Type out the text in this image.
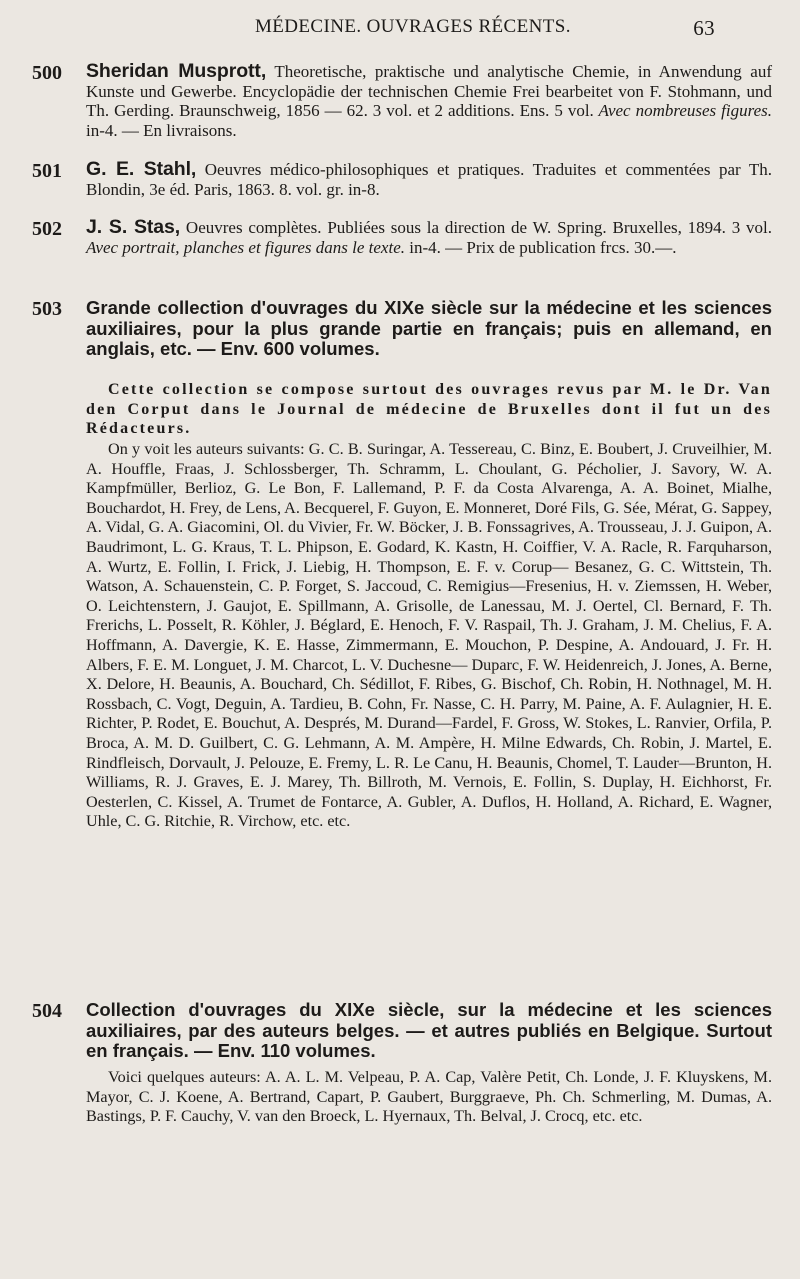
MÉDECINE. OUVRAGES RÉCENTS.	63
500 Sheridan Musprott, Theoretische, praktische und analytische Chemie, in Anwendung auf Kunste und Gewerbe. Encyclopädie der technischen Chemie Frei bearbeitet von F. Stohmann, und Th. Gerding. Braunschweig, 1856 — 62. 3 vol. et 2 additions. Ens. 5 vol. Avec nombreuses figures. in-4. — En livraisons.
501 G. E. Stahl, Oeuvres médico-philosophiques et pratiques. Traduites et commentées par Th. Blondin, 3e éd. Paris, 1863. 8. vol. gr. in-8.
502 J. S. Stas, Oeuvres complètes. Publiées sous la direction de W. Spring. Bruxelles, 1894. 3 vol. Avec portrait, planches et figures dans le texte. in-4. — Prix de publication frcs. 30.—.
503 Grande collection d'ouvrages du XIXe siècle sur la médecine et les sciences auxiliaires, pour la plus grande partie en français; puis en allemand, en anglais, etc. — Env. 600 volumes.
Cette collection se compose surtout des ouvrages revus par M. le Dr. Van den Corput dans le Journal de médecine de Bruxelles dont il fut un des Rédacteurs.
On y voit les auteurs suivants: G. C. B. Suringar, A. Tessereau, C. Binz, E. Boubert, J. Cruveilhier, M. A. Houffle, Fraas, J. Schlossberger, Th. Schramm, L. Choulant, G. Pécholier, J. Savory, W. A. Kampfmüller, Berlioz, G. Le Bon, F. Lallemand, P. F. da Costa Alvarenga, A. A. Boinet, Mialhe, Bouchardot, H. Frey, de Lens, A. Becquerel, F. Guyon, E. Monneret, Doré Fils, G. Sée, Mérat, G. Sappey, A. Vidal, G. A. Giacomini, Ol. du Vivier, Fr. W. Böcker, J. B. Fonssagrives, A. Trousseau, J. J. Guipon, A. Baudrimont, L. G. Kraus, T. L. Phipson, E. Godard, K. Kastn, H. Coiffier, V. A. Racle, R. Farquharson, A. Wurtz, E. Follin, I. Frick, J. Liebig, H. Thompson, E. F. v. Corup— Besanez, G. C. Wittstein, Th. Watson, A. Schauenstein, C. P. Forget, S. Jaccoud, C. Remigius—Fresenius, H. v. Ziemssen, H. Weber, O. Leichtenstern, J. Gaujot, E. Spillmann, A. Grisolle, de Lanessau, M. J. Oertel, Cl. Bernard, F. Th. Frerichs, L. Posselt, R. Köhler, J. Béglard, E. Henoch, F. V. Raspail, Th. J. Graham, J. M. Chelius, F. A. Hoffmann, A. Davergie, K. E. Hasse, Zimmermann, E. Mouchon, P. Despine, A. Andouard, J. Fr. H. Albers, F. E. M. Longuet, J. M. Charcot, L. V. Duchesne— Duparc, F. W. Heidenreich, J. Jones, A. Berne, X. Delore, H. Beaunis, A. Bouchard, Ch. Sédillot, F. Ribes, G. Bischof, Ch. Robin, H. Nothnagel, M. H. Rossbach, C. Vogt, Deguin, A. Tardieu, B. Cohn, Fr. Nasse, C. H. Parry, M. Paine, A. F. Aulagnier, H. E. Richter, P. Rodet, E. Bouchut, A. Després, M. Durand—Fardel, F. Gross, W. Stokes, L. Ranvier, Orfila, P. Broca, A. M. D. Guilbert, C. G. Lehmann, A. M. Ampère, H. Milne Edwards, Ch. Robin, J. Martel, E. Rindfleisch, Dorvault, J. Pelouze, E. Fremy, L. R. Le Canu, H. Beaunis, Chomel, T. Lauder—Brunton, H. Williams, R. J. Graves, E. J. Marey, Th. Billroth, M. Vernois, E. Follin, S. Duplay, H. Eichhorst, Fr. Oesterlen, C. Kissel, A. Trumet de Fontarce, A. Gubler, A. Duflos, H. Holland, A. Richard, E. Wagner, Uhle, C. G. Ritchie, R. Virchow, etc. etc.
504 Collection d'ouvrages du XIXe siècle, sur la médecine et les sciences auxiliaires, par des auteurs belges. — et autres publiés en Belgique. Surtout en français. — Env. 110 volumes.
Voici quelques auteurs: A. A. L. M. Velpeau, P. A. Cap, Valère Petit, Ch. Londe, J. F. Kluyskens, M. Mayor, C. J. Koene, A. Bertrand, Capart, P. Gaubert, Burggraeve, Ph. Ch. Schmerling, M. Dumas, A. Bastings, P. F. Cauchy, V. van den Broeck, L. Hyernaux, Th. Belval, J. Crocq, etc. etc.
